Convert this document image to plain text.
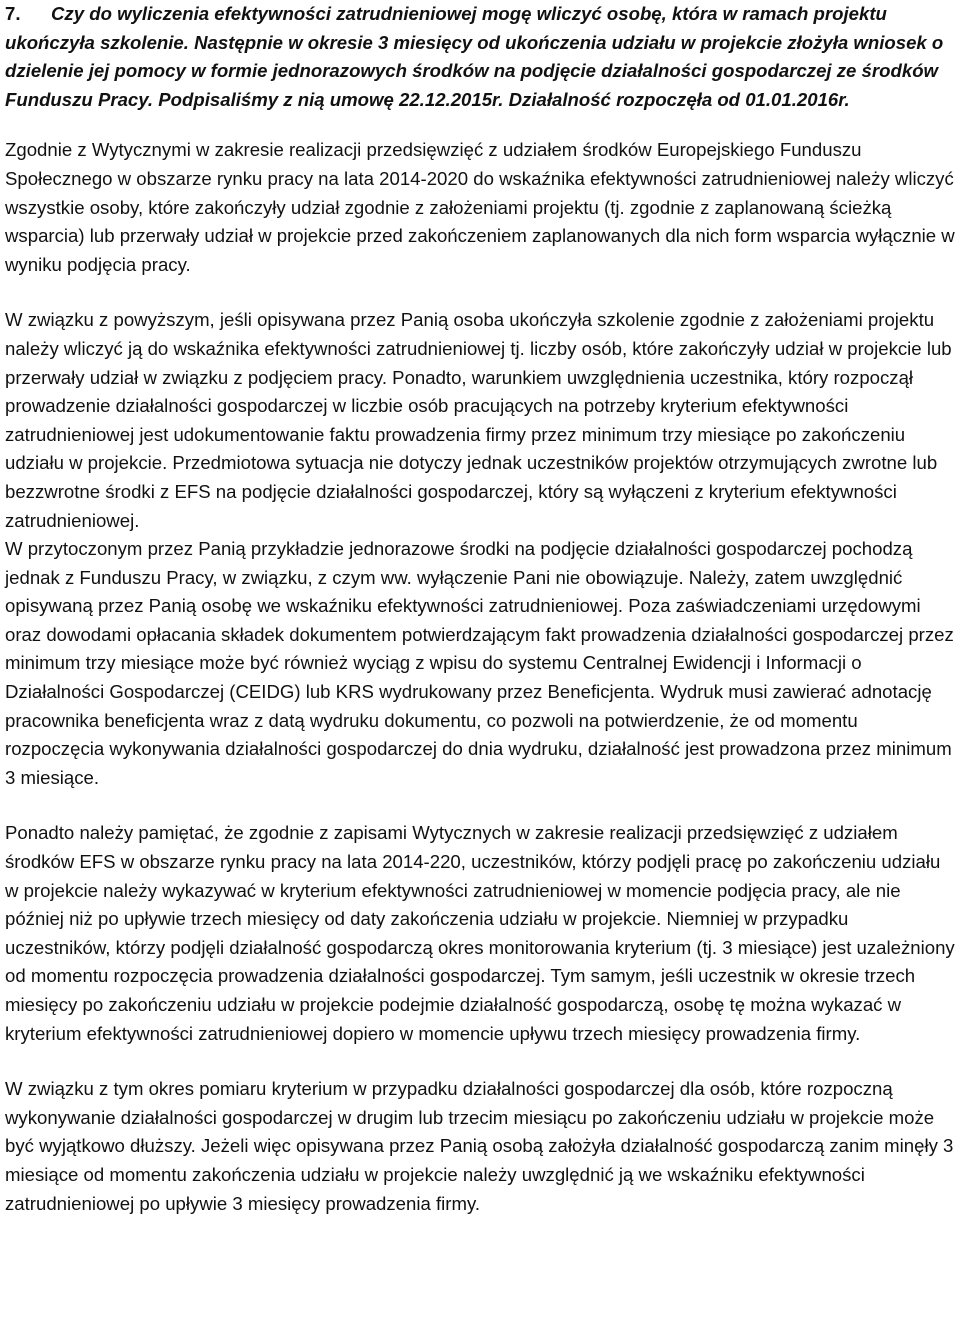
7.	Czy do wyliczenia efektywności zatrudnieniowej mogę wliczyć osobę, która w ramach projektu ukończyła szkolenie. Następnie w okresie 3 miesięcy od ukończenia udziału w projekcie złożyła wniosek o dzielenie jej pomocy w formie jednorazowych środków na podjęcie działalności gospodarczej ze środków Funduszu Pracy. Podpisaliśmy z nią umowę 22.12.2015r. Działalność rozpoczęła od 01.01.2016r.

Zgodnie z Wytycznymi w zakresie realizacji przedsięwzięć z udziałem środków Europejskiego Funduszu Społecznego w obszarze rynku pracy na lata 2014-2020 do wskaźnika efektywności zatrudnieniowej należy wliczyć wszystkie osoby, które zakończyły udział zgodnie z założeniami projektu (tj. zgodnie z zaplanowaną ścieżką wsparcia) lub przerwały udział w projekcie przed zakończeniem zaplanowanych dla nich form wsparcia wyłącznie w wyniku podjęcia pracy.

W związku z powyższym, jeśli opisywana przez Panią osoba ukończyła szkolenie zgodnie z założeniami projektu należy wliczyć ją do wskaźnika efektywności zatrudnieniowej tj. liczby osób, które zakończyły udział w projekcie lub przerwały udział w związku z podjęciem pracy. Ponadto, warunkiem uwzględnienia uczestnika, który rozpoczął prowadzenie działalności gospodarczej w liczbie osób pracujących na potrzeby kryterium efektywności zatrudnieniowej jest udokumentowanie faktu prowadzenia firmy przez minimum trzy miesiące po zakończeniu udziału w projekcie. Przedmiotowa sytuacja nie dotyczy jednak uczestników projektów otrzymujących zwrotne lub bezzwrotne środki z EFS na podjęcie działalności gospodarczej, który są wyłączeni z kryterium efektywności zatrudnieniowej.

W przytoczonym przez Panią przykładzie jednorazowe środki na podjęcie działalności gospodarczej pochodzą jednak z Funduszu Pracy, w związku, z czym ww. wyłączenie Pani nie obowiązuje. Należy, zatem uwzględnić opisywaną przez Panią osobę we wskaźniku efektywności zatrudnieniowej. Poza zaświadczeniami urzędowymi oraz dowodami opłacania składek dokumentem potwierdzającym fakt prowadzenia działalności gospodarczej przez minimum trzy miesiące może być również wyciąg z wpisu do systemu Centralnej Ewidencji i Informacji o Działalności Gospodarczej (CEIDG) lub KRS wydrukowany przez Beneficjenta. Wydruk musi zawierać adnotację pracownika beneficjenta wraz z datą wydruku dokumentu, co pozwoli na potwierdzenie, że od momentu rozpoczęcia wykonywania działalności gospodarczej do dnia wydruku, działalność jest prowadzona przez minimum 3 miesiące.

Ponadto należy pamiętać, że zgodnie z zapisami Wytycznych w zakresie realizacji przedsięwzięć z udziałem środków EFS w obszarze rynku pracy na lata 2014-220, uczestników, którzy podjęli pracę po zakończeniu udziału w projekcie należy wykazywać w kryterium efektywności zatrudnieniowej w momencie podjęcia pracy, ale nie później niż po upływie trzech miesięcy od daty zakończenia udziału w projekcie. Niemniej w przypadku uczestników, którzy podjęli działalność gospodarczą okres monitorowania kryterium (tj. 3 miesiące) jest uzależniony od momentu rozpoczęcia prowadzenia działalności gospodarczej. Tym samym, jeśli uczestnik w okresie trzech miesięcy po zakończeniu udziału w projekcie podejmie działalność gospodarczą, osobę tę można wykazać w kryterium efektywności zatrudnieniowej dopiero w momencie upływu trzech miesięcy prowadzenia firmy.

W związku z tym okres pomiaru kryterium w przypadku działalności gospodarczej dla osób, które rozpoczną wykonywanie działalności gospodarczej w drugim lub trzecim miesiącu po zakończeniu udziału w projekcie może być wyjątkowo dłuższy. Jeżeli więc opisywana przez Panią osobą założyła działalność gospodarczą zanim minęły 3 miesiące od momentu zakończenia udziału w projekcie należy uwzględnić ją we wskaźniku efektywności zatrudnieniowej po upływie 3 miesięcy prowadzenia firmy.
